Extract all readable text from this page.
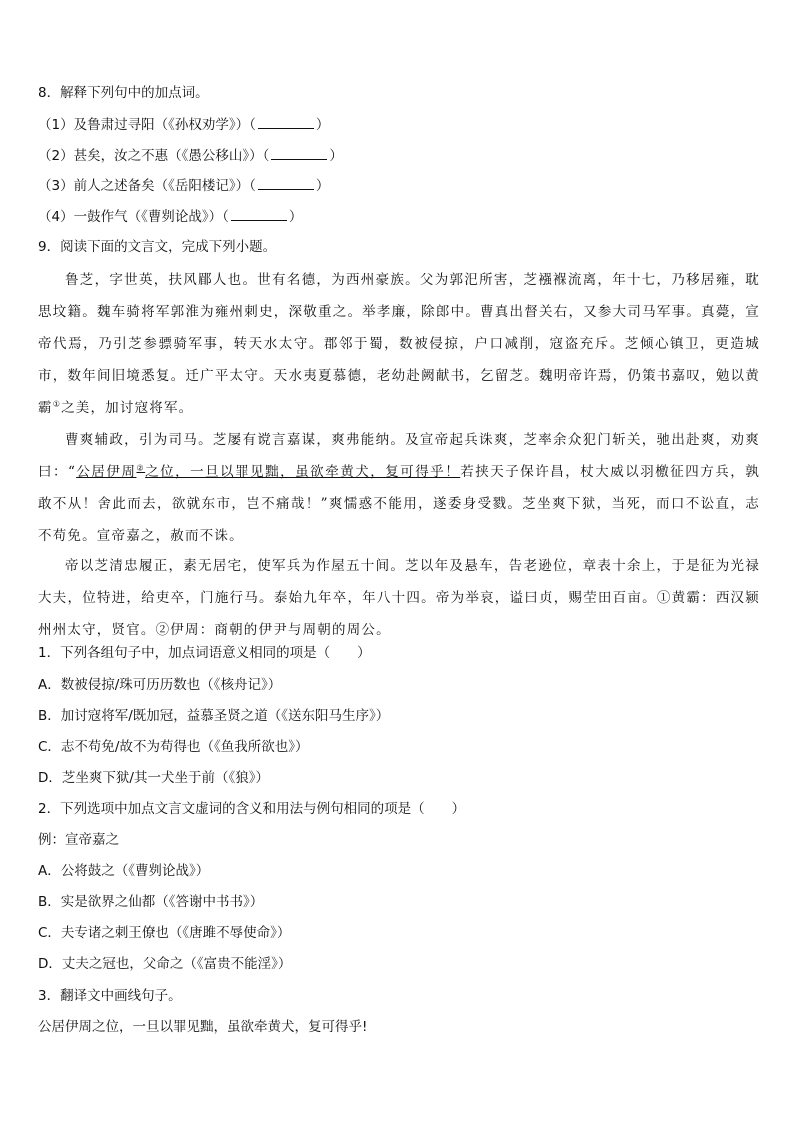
8．解释下列句中的加点词。
（1）及鲁肃过寻阳（《孙权劝学》）（	）
（2）甚矣，汝之不惠（《愚公移山》）（	）
（3）前人之述备矣（《岳阳楼记》）（	）
（4）一鼓作气（《曹刿论战》）（	）
9．阅读下面的文言文，完成下列小题。

鲁芝，字世英，扶风郿人也。世有名德，为西州豪族。父为郭汜所害，芝襁褓流离，年十七，乃移居雍，耽思坟籍。魏车骑将军郭淮为雍州刺史，深敬重之。举孝廉，除郎中。曹真出督关右，又参大司马军事。真薨，宣帝代焉，乃引芝参骠骑军事，转天水太守。郡邻于蜀，数被侵掠，户口减削，寇盗充斥。芝倾心镇卫，更造城市，数年间旧境悉复。迁广平太守。天水夷夏慕德，老幼赴阙献书，乞留芝。魏明帝许焉，仍策书嘉叹，勉以黄霸①之美，加讨寇将军。

曹爽辅政，引为司马。芝屡有谠言嘉谋，爽弗能纳。及宣帝起兵诛爽，芝率余众犯门斩关，驰出赴爽，劝爽曰：“公居伊周②之位，一旦以罪见黜，虽欲牵黄犬，复可得乎！若挟天子保许昌，杖大威以羽檄征四方兵，孰敢不从！舍此而去，欲就东市，岂不痛哉！”爽懦惑不能用，遂委身受戮。芝坐爽下狱，当死，而口不讼直，志不苟免。宣帝嘉之，赦而不诛。

帝以芝清忠履正，素无居宅，使军兵为作屋五十间。芝以年及悬车，告老逊位，章表十余上，于是征为光禄大夫，位特进，给吏卒，门施行马。泰始九年卒，年八十四。帝为举哀，谥曰贞，赐茔田百亩。①黄霸：西汉颍州州太守，贤官。②伊周：商朝的伊尹与周朝的周公。

1．下列各组句子中，加点词语意义相同的项是（　　）
A．数被侵掠/珠可历历数也（《核舟记》）
B．加讨寇将军/既加冠，益慕圣贤之道（《送东阳马生序》）
C．志不苟免/故不为苟得也（《鱼我所欲也》）
D．芝坐爽下狱/其一犬坐于前（《狼》）
2．下列选项中加点文言文虚词的含义和用法与例句相同的项是（　　）
例：宣帝嘉之
A．公将鼓之（《曹刿论战》）
B．实是欲界之仙都（《答谢中书书》）
C．夫专诸之刺王僚也（《唐雎不辱使命》）
D．丈夫之冠也，父命之（《富贵不能淫》）
3．翻译文中画线句子。
公居伊周之位，一旦以罪见黜，虽欲牵黄犬，复可得乎!
